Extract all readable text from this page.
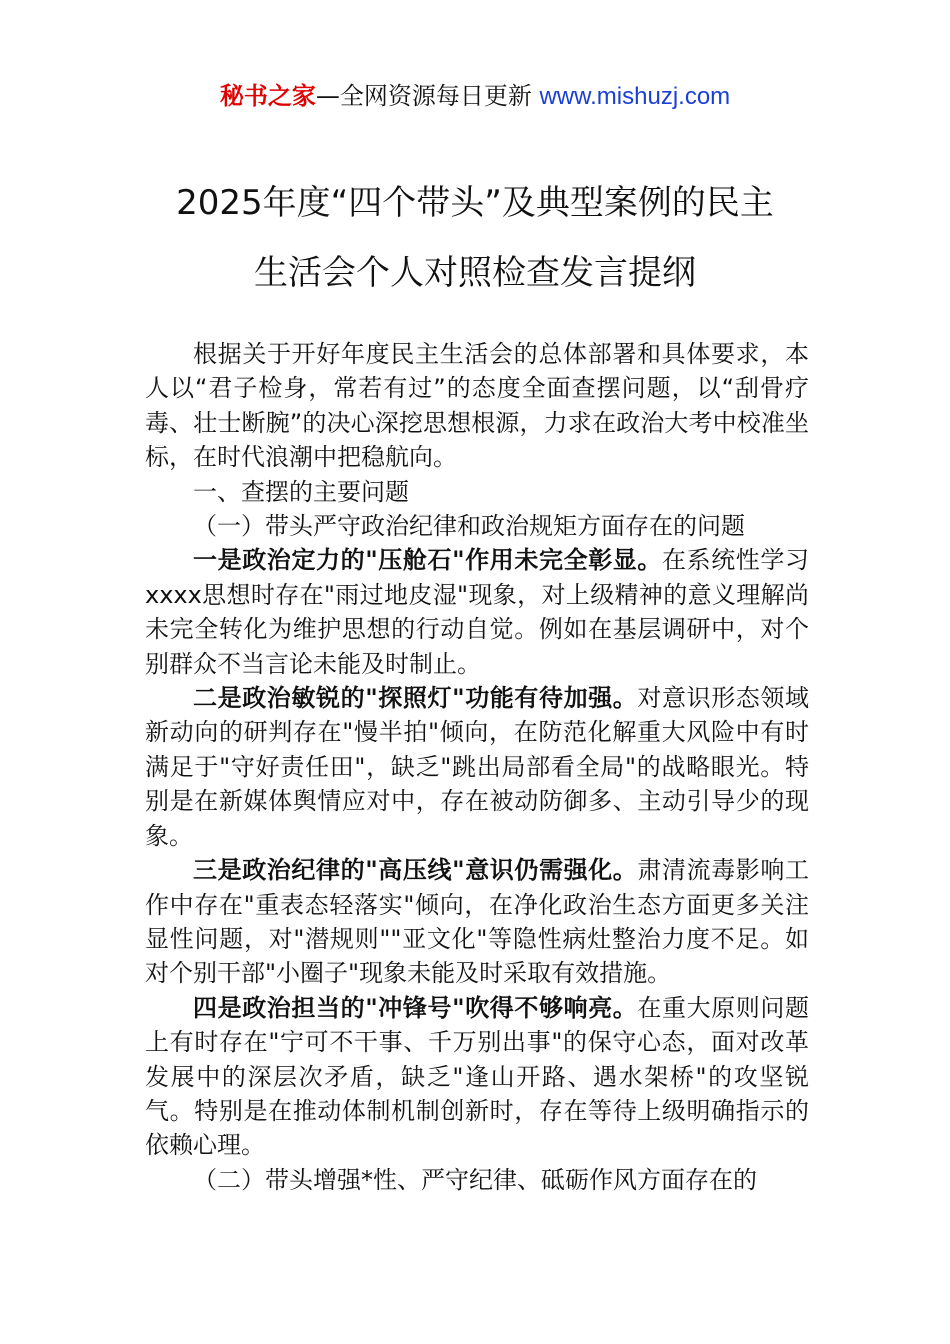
秘书之家—全网资源每日更新 www.mishuzj.com
2025年度“四个带头”及典型案例的民主
生活会个人对照检查发言提纲

根据关于开好年度民主生活会的总体部署和具体要求，本人以“君子检身，常若有过”的态度全面查摆问题，以“刮骨疗毒、壮士断腕”的决心深挖思想根源，力求在政治大考中校准坐标，在时代浪潮中把稳航向。

一、查摆的主要问题

（一）带头严守政治纪律和政治规矩方面存在的问题

一是政治定力的"压舱石"作用未完全彰显。在系统性学习xxxx思想时存在"雨过地皮湿"现象，对上级精神的意义理解尚未完全转化为维护思想的行动自觉。例如在基层调研中，对个别群众不当言论未能及时制止。

二是政治敏锐的"探照灯"功能有待加强。对意识形态领域新动向的研判存在"慢半拍"倾向，在防范化解重大风险中有时满足于"守好责任田"，缺乏"跳出局部看全局"的战略眼光。特别是在新媒体舆情应对中，存在被动防御多、主动引导少的现象。

三是政治纪律的"高压线"意识仍需强化。肃清流毒影响工作中存在"重表态轻落实"倾向，在净化政治生态方面更多关注显性问题，对"潜规则""亚文化"等隐性病灶整治力度不足。如对个别干部"小圈子"现象未能及时采取有效措施。

四是政治担当的"冲锋号"吹得不够响亮。在重大原则问题上有时存在"宁可不干事、千万别出事"的保守心态，面对改革发展中的深层次矛盾，缺乏"逢山开路、遇水架桥"的攻坚锐气。特别是在推动体制机制创新时，存在等待上级明确指示的依赖心理。

（二）带头增强*性、严守纪律、砥砺作风方面存在的
